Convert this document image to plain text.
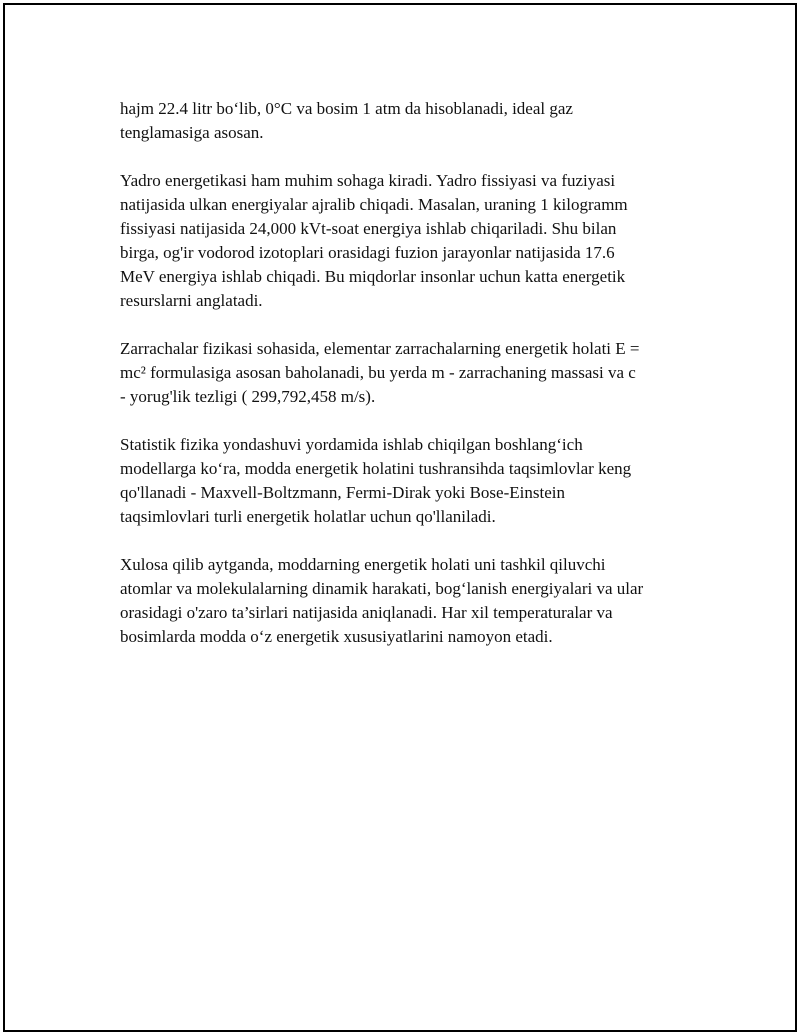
hajm 22.4 litr bo‘lib, 0°C va bosim 1 atm da hisoblanadi, ideal gaz
tenglamasiga asosan.

Yadro energetikasi ham muhim sohaga kiradi. Yadro fissiyasi va fuziyasi
natijasida ulkan energiyalar ajralib chiqadi. Masalan, uraning 1 kilogramm
fissiyasi natijasida 24,000 kVt-soat energiya ishlab chiqariladi. Shu bilan
birga, og'ir vodorod izotoplari orasidagi fuzion jarayonlar natijasida 17.6
MeV energiya ishlab chiqadi. Bu miqdorlar insonlar uchun katta energetik
resurslarni anglatadi.

Zarrachalar fizikasi sohasida, elementar zarrachalarning energetik holati E =
mc² formulasiga asosan baholanadi, bu yerda m - zarrachaning massasi va c
- yorug'lik tezligi ( 299,792,458 m/s).

Statistik fizika yondashuvi yordamida ishlab chiqilgan boshlang‘ich
modellarga ko‘ra, modda energetik holatini tushransihda taqsimlovlar keng
qo'llanadi - Maxvell-Boltzmann, Fermi-Dirak yoki Bose-Einstein
taqsimlovlari turli energetik holatlar uchun qo'llaniladi.

Xulosa qilib aytganda, moddarning energetik holati uni tashkil qiluvchi
atomlar va molekulalarning dinamik harakati, bog‘lanish energiyalari va ular
orasidagi o'zaro ta’sirlari natijasida aniqlanadi. Har xil temperaturalar va
bosimlarda modda o‘z energetik xususiyatlarini namoyon etadi.
